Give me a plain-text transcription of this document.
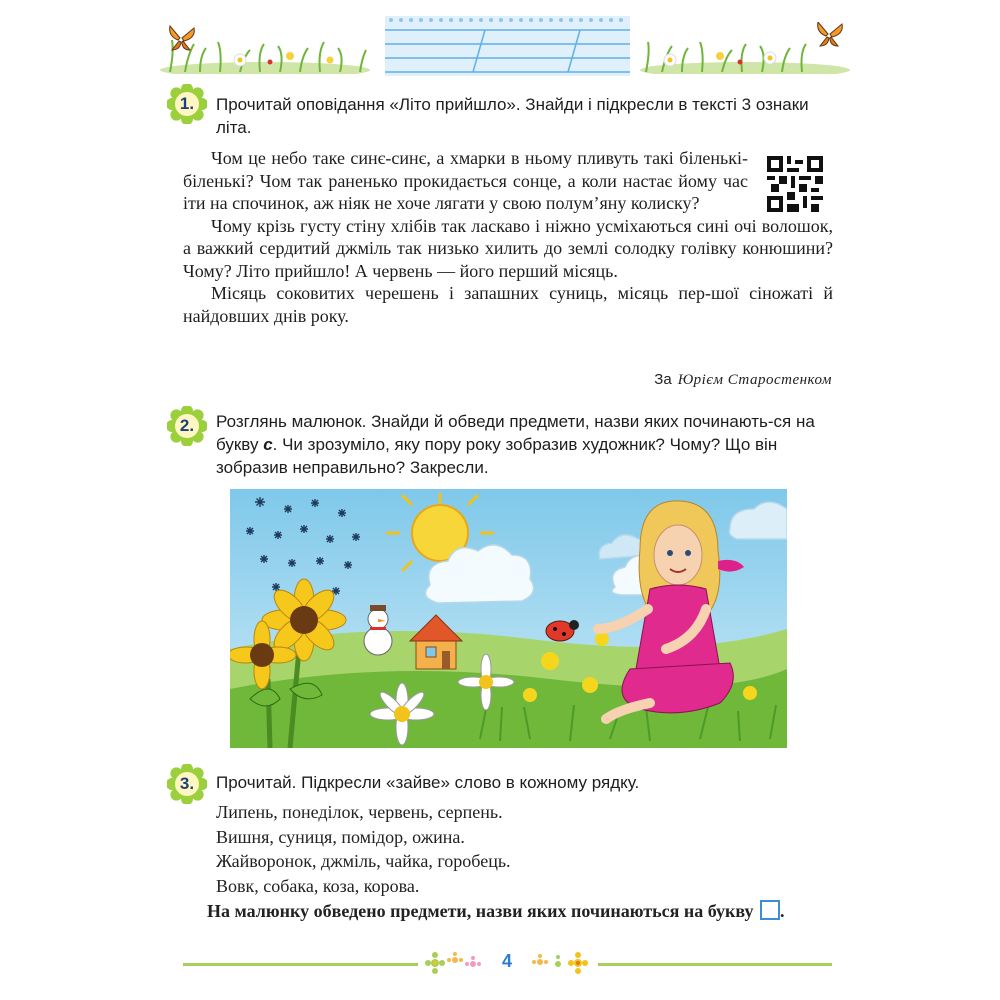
1.	Прочитай оповідання «Літо прийшло». Знайди і підкресли в тексті 3 ознаки літа.

Чом це небо таке синє-синє, а хмарки в ньому пливуть такі біленькі-біленькі? Чом так раненько прокидається сонце, а коли настає йому час іти на спочинок, аж ніяк не хоче лягати у свою полум’яну колиску?

Чому крізь густу стіну хлібів так ласкаво і ніжно усміхаються сині очі волошок, а важкий сердитий джміль так низько хилить до землі солодку голівку конюшини? Чому? Літо прийшло! А червень — його перший місяць.

Місяць соковитих черешень і запашних суниць, місяць пер-шої сіножаті й найдовших днів року.

За Юрієм Старостенком
2.	Розглянь малюнок. Знайди й обведи предмети, назви яких починають-ся на букву с. Чи зрозуміло, яку пору року зобразив художник? Чому? Що він зобразив неправильно? Закресли.
3.	Прочитай. Підкресли «зайве» слово в кожному рядку.
Липень, понеділок, червень, серпень.
Вишня, суниця, помідор, ожина.
Жайворонок, джміль, чайка, горобець.
Вовк, собака, коза, корова.
На малюнку обведено предмети, назви яких починаються на букву .
4
